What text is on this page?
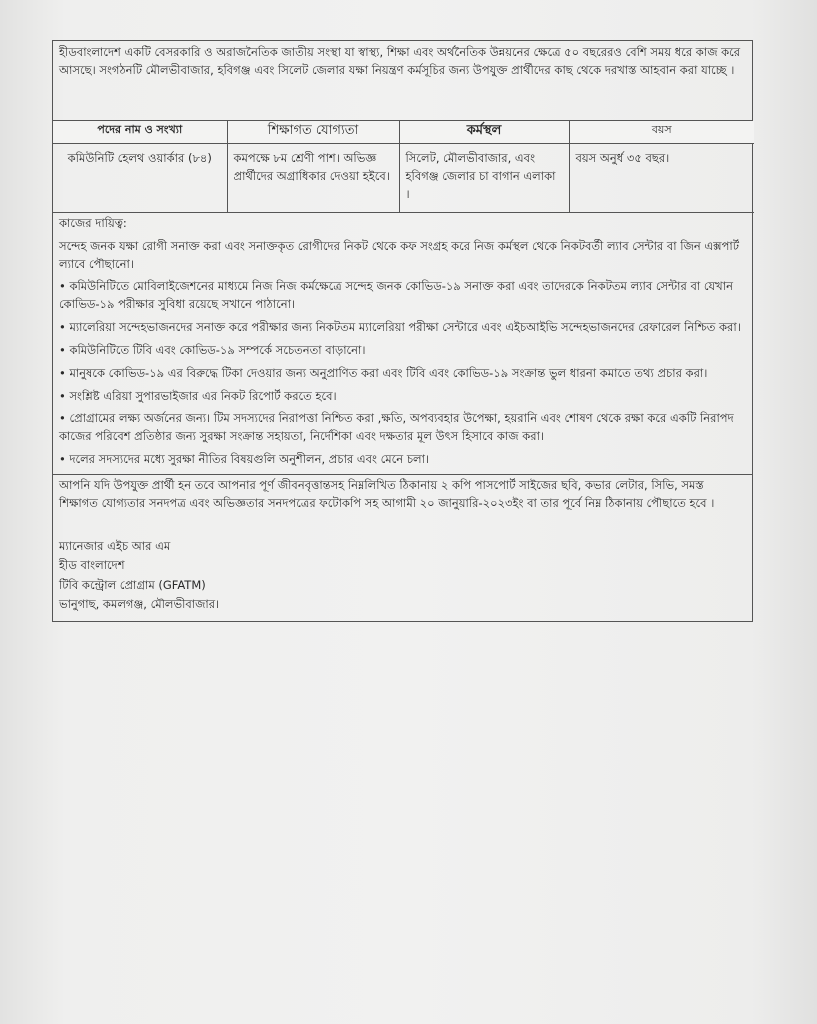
হীডবাংলাদেশ একটি বেসরকারি ও অরাজনৈতিক জাতীয় সংস্থা যা স্বাস্থ্য, শিক্ষা এবং অর্থনৈতিক উন্নয়নের ক্ষেত্রে ৫০ বছরেরও বেশি সময় ধরে কাজ করে আসছে। সংগঠনটি মৌলভীবাজার, হবিগঞ্জ এবং সিলেট জেলার যক্ষা নিয়ন্ত্রণ কর্মসূচির জন্য উপযুক্ত প্রার্থীদের কাছ থেকে দরখাস্ত আহবান করা যাচ্ছে ।
পদের নাম ও সংখ্যা	শিক্ষাগত যোগ্যতা	কর্মস্থল	বয়স
কমিউনিটি হেলথ ওয়ার্কার (৮৪)	কমপক্ষে ৮ম শ্রেণী পাশ। অভিজ্ঞ প্রার্থীদের অগ্রাধিকার দেওয়া হইবে।	সিলেট, মৌলভীবাজার, এবং হবিগঞ্জ জেলার চা বাগান এলাকা ।	বয়স অনুর্ধ ৩৫ বছর।

কাজের দায়িত্ব:

সন্দেহ জনক যক্ষা রোগী সনাক্ত করা এবং সনাক্তকৃত রোগীদের নিকট থেকে কফ সংগ্রহ করে নিজ কর্মস্থল থেকে নিকটবর্তী ল্যাব সেন্টার বা জিন এক্সপার্ট ল্যাবে পৌছানো।

• কমিউনিটিতে মোবিলাইজেশনের মাধ্যমে নিজ নিজ কর্মক্ষেত্রে সন্দেহ জনক কোভিড-১৯ সনাক্ত করা এবং তাদেরকে নিকটতম ল্যাব সেন্টার বা যেখান কোভিড-১৯ পরীক্ষার সুবিধা রয়েছে সখানে পাঠানো।

• ম্যালেরিয়া সন্দেহভাজনদের সনাক্ত করে পরীক্ষার জন্য নিকটতম ম্যালেরিয়া পরীক্ষা সেন্টারে এবং এইচআইভি সন্দেহভাজনদের রেফারেল নিশ্চিত করা।

• কমিউনিটিতে টিবি এবং কোভিড-১৯ সম্পর্কে সচেতনতা বাড়ানো।

• মানুষকে কোভিড-১৯ এর বিরুদ্ধে টিকা দেওয়ার জন্য অনুপ্রাণিত করা এবং টিবি এবং কোভিড-১৯ সংক্রান্ত ভুল ধারনা কমাতে তথ্য প্রচার করা।

• সংশ্লিষ্ট এরিয়া সুপারভাইজার এর নিকট রিপোর্ট করতে হবে।

• প্রোগ্রামের লক্ষ্য অর্জনের জন্য। টিম সদস্যদের নিরাপত্তা নিশ্চিত করা ,ক্ষতি, অপব্যবহার উপেক্ষা, হয়রানি এবং শোষণ থেকে রক্ষা করে একটি নিরাপদ কাজের পরিবেশ প্রতিষ্ঠার জন্য সুরক্ষা সংক্রান্ত সহায়তা, নির্দেশিকা এবং দক্ষতার মূল উৎস হিসাবে কাজ করা।

• দলের সদস্যদের মধ্যে সুরক্ষা নীতির বিষয়গুলি অনুশীলন, প্রচার এবং মেনে চলা।

আপনি যদি উপযুক্ত প্রার্থী হন তবে আপনার পূর্ণ জীবনবৃত্তান্তসহ নিম্নলিখিত ঠিকানায় ২ কপি পাসপোর্ট সাইজের ছবি, কভার লেটার, সিভি, সমস্ত শিক্ষাগত যোগ্যতার সনদপত্র এবং অভিজ্ঞতার সনদপত্রের ফটোকপি সহ আগামী ২০ জানুয়ারি-২০২৩ইং বা তার পূর্বে নিম্ন ঠিকানায় পৌছাতে হবে ।
ম্যানেজার এইচ আর এম
হীড বাংলাদেশ
টিবি কন্ট্রোল প্রোগ্রাম (GFATM)
ভানুগাছ, কমলগঞ্জ, মৌলভীবাজার।
